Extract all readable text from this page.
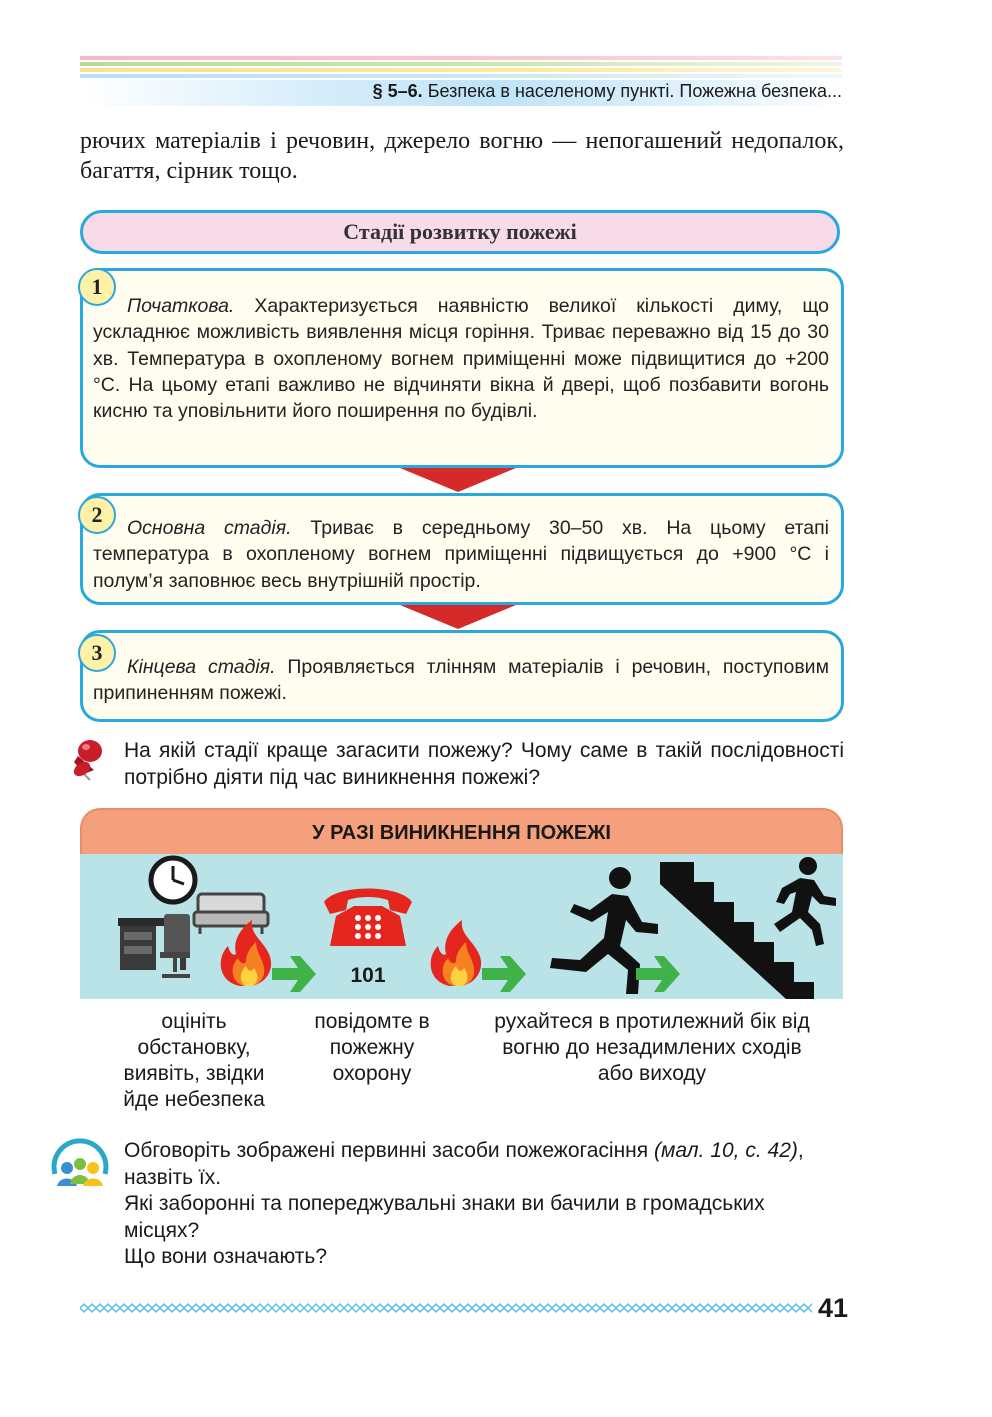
§ 5–6. Безпека в населеному пункті. Пожежна безпека...
рючих матеріалів і речовин, джерело вогню — непогашений недопалок, багаття, сірник тощо.
Стадії розвитку пожежі
Початкова. Характеризується наявністю великої кількості диму, що ускладнює можливість виявлення місця горіння. Триває переважно від 15 до 30 хв. Температура в охопленому вогнем приміщенні може підвищитися до +200 °С. На цьому етапі важливо не відчиняти вікна й двері, щоб позбавити вогонь кисню та уповільнити його поширення по будівлі.
1
Основна стадія. Триває в середньому 30–50 хв. На цьому етапі температура в охопленому вогнем приміщенні підвищується до +900 °С і полум’я заповнює весь внутрішній простір.
2
Кінцева стадія. Проявляється тлінням матеріалів і речовин, поступовим припиненням пожежі.
3
На якій стадії краще загасити пожежу? Чому саме в такій послідовності потрібно діяти під час виникнення пожежі?
У РАЗІ ВИНИКНЕННЯ ПОЖЕЖІ
101
оцініть обстановку, виявіть, звідки йде небезпека
повідомте в пожежну охорону
рухайтеся в протилежний бік від вогню до незадимлених сходів або виходу

Обговоріть зображені первинні засоби пожежогасіння (мал. 10, с. 42), назвіть їх.

Які заборонні та попереджувальні знаки ви бачили в громадських місцях?

Що вони означають?

41
